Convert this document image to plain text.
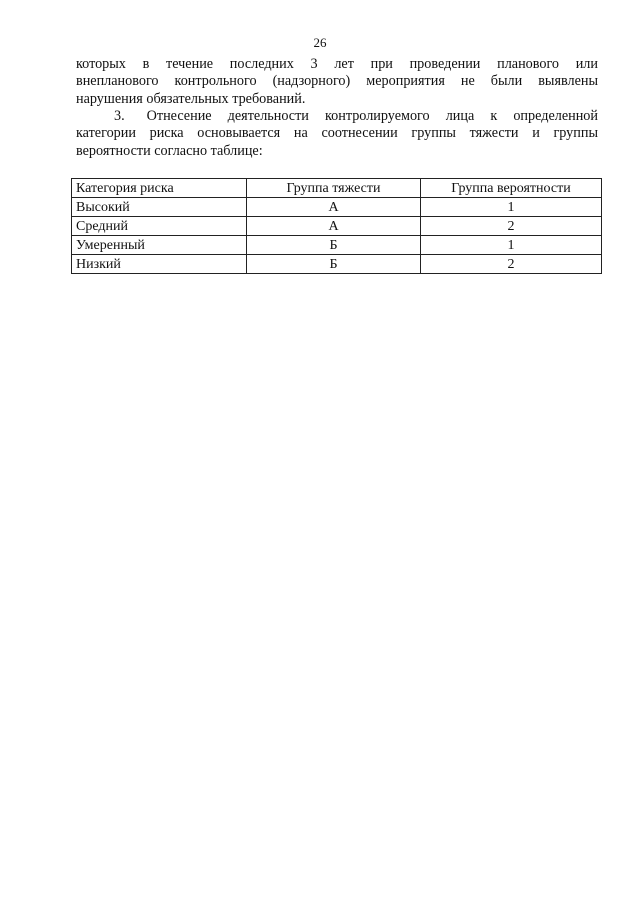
26
которых в течение последних 3 лет при проведении планового или
внепланового контрольного (надзорного) мероприятия не были выявлены
нарушения обязательных требований.
3. Отнесение деятельности контролируемого лица к определенной
категории риска основывается на соотнесении группы тяжести и группы
вероятности согласно таблице:
Категория риска	Группа тяжести	Группа вероятности
Высокий	А	1
Средний	А	2
Умеренный	Б	1
Низкий	Б	2
